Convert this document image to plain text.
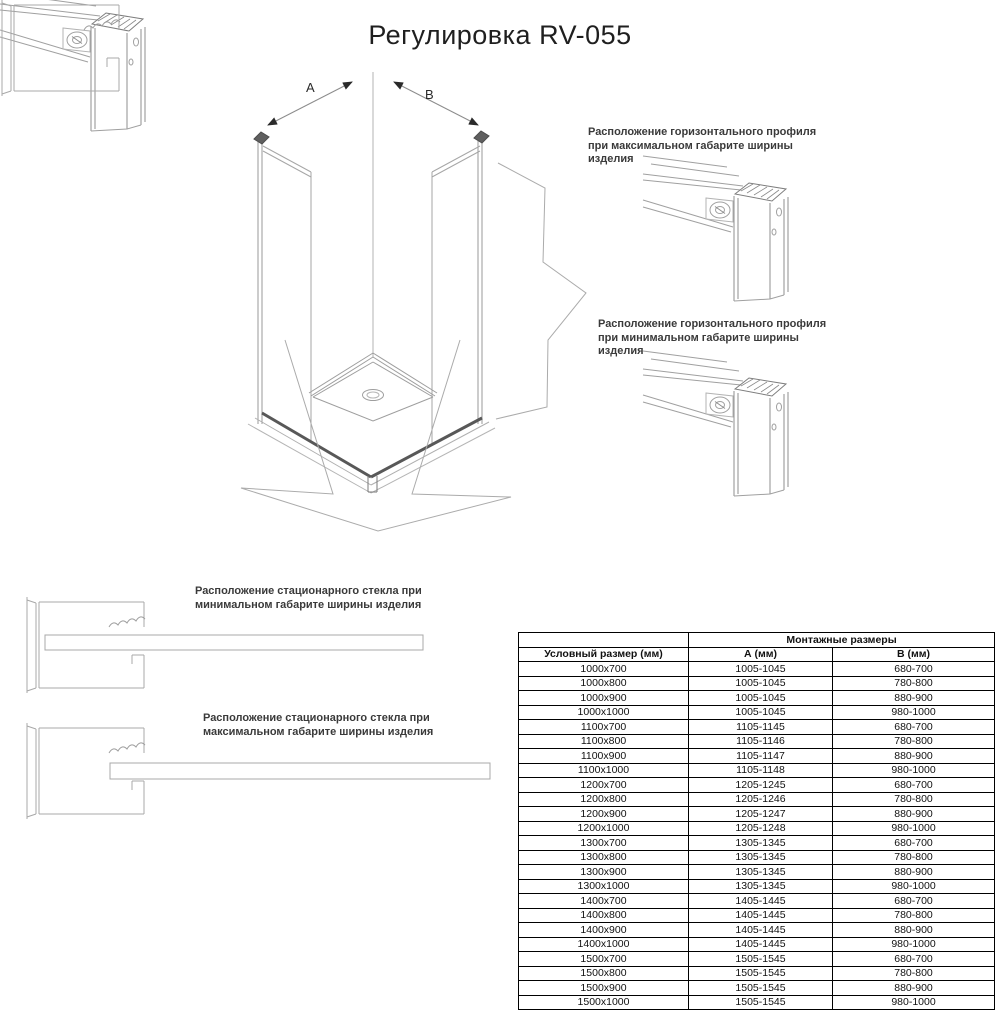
Регулировка RV-055
А	В
Расположение горизонтального профиля при максимальном габарите ширины изделия
Расположение горизонтального профиля при минимальном габарите ширины изделия
Расположение стационарного стекла при минимальном габарите ширины изделия
Расположение стационарного стекла при максимальном габарите ширины изделия
	Монтажные размеры	
Условный размер (мм)	А (мм)	В (мм)
1000x700	1005-1045	680-700
1000x800	1005-1045	780-800
1000x900	1005-1045	880-900
1000x1000	1005-1045	980-1000
1100x700	1105-1145	680-700
1100x800	1105-1146	780-800
1100x900	1105-1147	880-900
1100x1000	1105-1148	980-1000
1200x700	1205-1245	680-700
1200x800	1205-1246	780-800
1200x900	1205-1247	880-900
1200x1000	1205-1248	980-1000
1300x700	1305-1345	680-700
1300x800	1305-1345	780-800
1300x900	1305-1345	880-900
1300x1000	1305-1345	980-1000
1400x700	1405-1445	680-700
1400x800	1405-1445	780-800
1400x900	1405-1445	880-900
1400x1000	1405-1445	980-1000
1500x700	1505-1545	680-700
1500x800	1505-1545	780-800
1500x900	1505-1545	880-900
1500x1000	1505-1545	980-1000
